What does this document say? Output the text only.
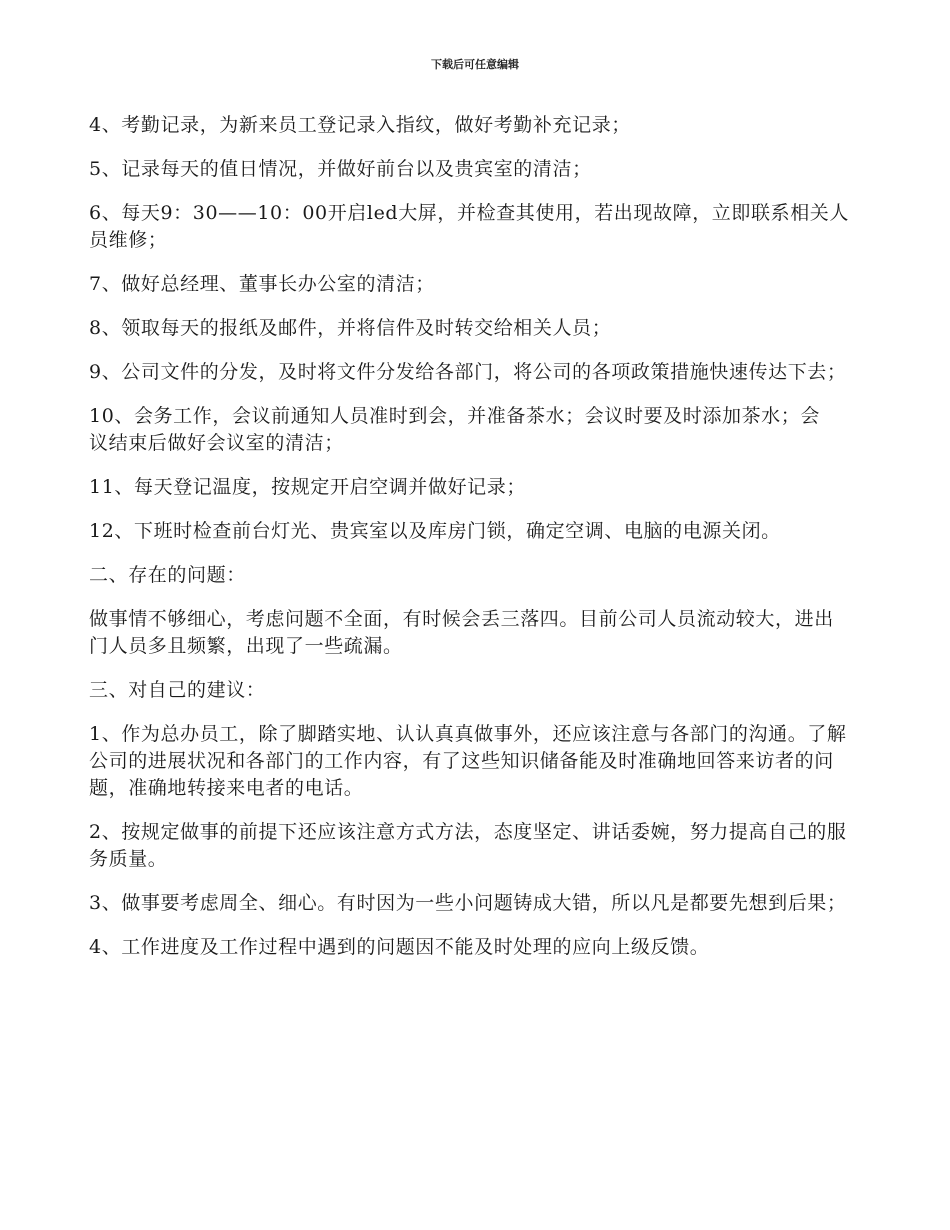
下载后可任意编辑

4、考勤记录，为新来员工登记录入指纹，做好考勤补充记录；

5、记录每天的值日情况，并做好前台以及贵宾室的清洁；

6、每天9：30——10：00开启led大屏，并检查其使用，若出现故障，立即联系相关人员维修；

7、做好总经理、董事长办公室的清洁；

8、领取每天的报纸及邮件，并将信件及时转交给相关人员；

9、公司文件的分发，及时将文件分发给各部门，将公司的各项政策措施快速传达下去；

10、会务工作，会议前通知人员准时到会，并准备茶水；会议时要及时添加茶水；会议结束后做好会议室的清洁；

11、每天登记温度，按规定开启空调并做好记录；

12、下班时检查前台灯光、贵宾室以及库房门锁，确定空调、电脑的电源关闭。

二、存在的问题：

做事情不够细心，考虑问题不全面，有时候会丢三落四。目前公司人员流动较大，进出门人员多且频繁，出现了一些疏漏。

三、对自己的建议：

1、作为总办员工，除了脚踏实地、认认真真做事外，还应该注意与各部门的沟通。了解公司的进展状况和各部门的工作内容，有了这些知识储备能及时准确地回答来访者的问题，准确地转接来电者的电话。

2、按规定做事的前提下还应该注意方式方法，态度坚定、讲话委婉，努力提高自己的服务质量。

3、做事要考虑周全、细心。有时因为一些小问题铸成大错，所以凡是都要先想到后果；

4、工作进度及工作过程中遇到的问题因不能及时处理的应向上级反馈。
